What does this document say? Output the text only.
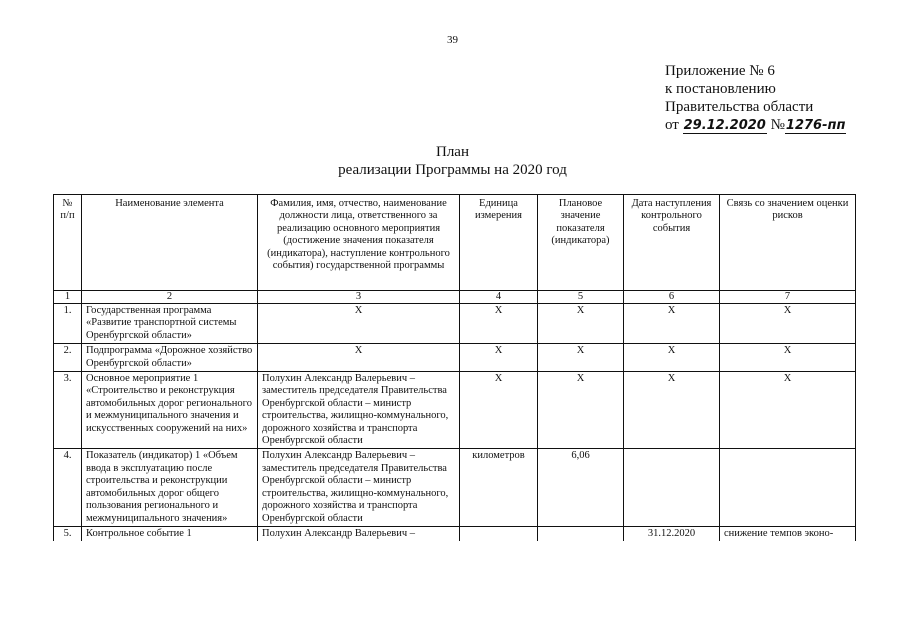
39
Приложение № 6
к постановлению
Правительства области
от 29.12.2020 №1276-пп
План
реализации Программы на 2020 год
№ п/п	Наименование элемента	Фамилия, имя, отчество, наименование должности лица, ответственного за реализацию основного мероприятия (достижение значения показателя (индикатора), наступление контрольного события) государственной программы	Единица измерения	Плановое значение показателя (индикатора)	Дата наступления контрольного события	Связь со значением оценки рисков
1	2	3	4	5	6	7
1.	Государственная программа «Развитие транспортной системы Оренбургской области»	Х	Х	Х	Х	Х
2.	Подпрограмма «Дорожное хозяйство Оренбургской области»	Х	Х	Х	Х	Х
3.	Основное мероприятие 1 «Строительство и реконструкция автомобильных дорог регионального и межмуниципального значения и искусственных сооружений на них»	Полухин Александр Валерьевич – заместитель председателя Правительства Оренбургской области – министр строительства, жилищно-коммунального, дорожного хозяйства и транспорта Оренбургской области	Х	Х	Х	Х
4.	Показатель (индикатор) 1 «Объем ввода в эксплуатацию после строительства и реконструкции автомобильных дорог общего пользования регионального и межмуниципального значения»	Полухин Александр Валерьевич – заместитель председателя Правительства Оренбургской области – министр строительства, жилищно-коммунального, дорожного хозяйства и транспорта Оренбургской области	километров	6,06		
5.	Контрольное событие 1	Полухин Александр Валерьевич –			31.12.2020	снижение темпов эконо-
